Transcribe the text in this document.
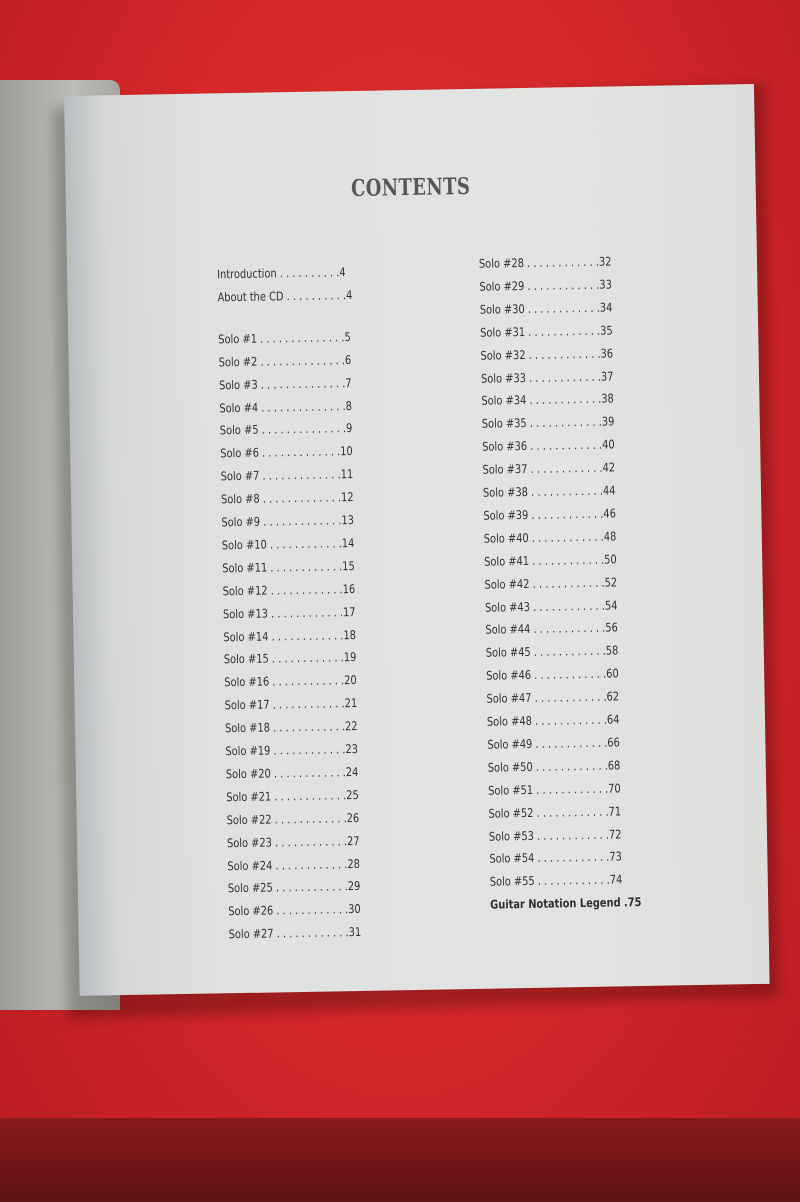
CONTENTS
Introduction . . . . . . . . . .4
About the CD . . . . . . . . . .4
Solo #1 . . . . . . . . . . . . . .5
Solo #2 . . . . . . . . . . . . . .6
Solo #3 . . . . . . . . . . . . . .7
Solo #4 . . . . . . . . . . . . . .8
Solo #5 . . . . . . . . . . . . . .9
Solo #6 . . . . . . . . . . . . .10
Solo #7 . . . . . . . . . . . . .11
Solo #8 . . . . . . . . . . . . .12
Solo #9 . . . . . . . . . . . . .13
Solo #10 . . . . . . . . . . . .14
Solo #11 . . . . . . . . . . . .15
Solo #12 . . . . . . . . . . . .16
Solo #13 . . . . . . . . . . . .17
Solo #14 . . . . . . . . . . . .18
Solo #15 . . . . . . . . . . . .19
Solo #16 . . . . . . . . . . . .20
Solo #17 . . . . . . . . . . . .21
Solo #18 . . . . . . . . . . . .22
Solo #19 . . . . . . . . . . . .23
Solo #20 . . . . . . . . . . . .24
Solo #21 . . . . . . . . . . . .25
Solo #22 . . . . . . . . . . . .26
Solo #23 . . . . . . . . . . . .27
Solo #24 . . . . . . . . . . . .28
Solo #25 . . . . . . . . . . . .29
Solo #26 . . . . . . . . . . . .30
Solo #27 . . . . . . . . . . . .31
Solo #28 . . . . . . . . . . . .32
Solo #29 . . . . . . . . . . . .33
Solo #30 . . . . . . . . . . . .34
Solo #31 . . . . . . . . . . . .35
Solo #32 . . . . . . . . . . . .36
Solo #33 . . . . . . . . . . . .37
Solo #34 . . . . . . . . . . . .38
Solo #35 . . . . . . . . . . . .39
Solo #36 . . . . . . . . . . . .40
Solo #37 . . . . . . . . . . . .42
Solo #38 . . . . . . . . . . . .44
Solo #39 . . . . . . . . . . . .46
Solo #40 . . . . . . . . . . . .48
Solo #41 . . . . . . . . . . . .50
Solo #42 . . . . . . . . . . . .52
Solo #43 . . . . . . . . . . . .54
Solo #44 . . . . . . . . . . . .56
Solo #45 . . . . . . . . . . . .58
Solo #46 . . . . . . . . . . . .60
Solo #47 . . . . . . . . . . . .62
Solo #48 . . . . . . . . . . . .64
Solo #49 . . . . . . . . . . . .66
Solo #50 . . . . . . . . . . . .68
Solo #51 . . . . . . . . . . . .70
Solo #52 . . . . . . . . . . . .71
Solo #53 . . . . . . . . . . . .72
Solo #54 . . . . . . . . . . . .73
Solo #55 . . . . . . . . . . . .74
Guitar Notation Legend .75
